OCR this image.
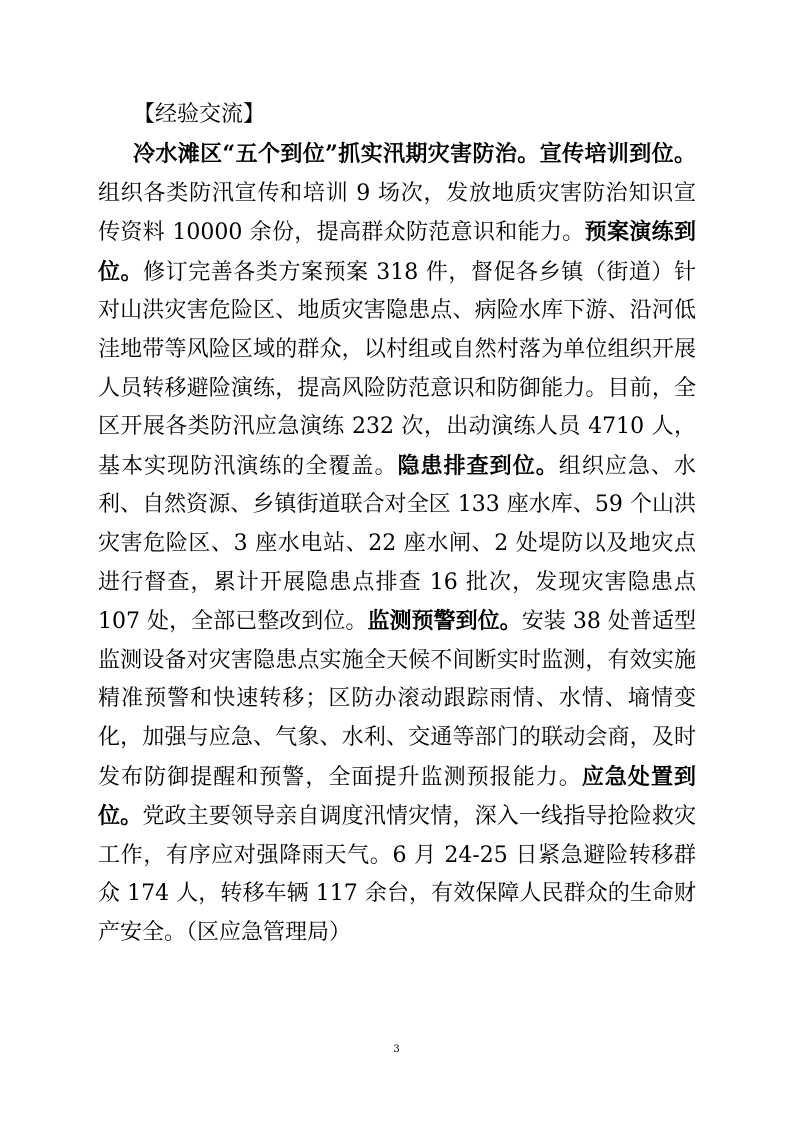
【经验交流】

冷水滩区“五个到位”抓实汛期灾害防治。宣传培训到位。组织各类防汛宣传和培训 9 场次，发放地质灾害防治知识宣传资料 10000 余份，提高群众防范意识和能力。预案演练到位。修订完善各类方案预案 318 件，督促各乡镇（街道）针对山洪灾害危险区、地质灾害隐患点、病险水库下游、沿河低洼地带等风险区域的群众，以村组或自然村落为单位组织开展人员转移避险演练，提高风险防范意识和防御能力。目前，全区开展各类防汛应急演练 232 次，出动演练人员 4710 人，基本实现防汛演练的全覆盖。隐患排查到位。组织应急、水利、自然资源、乡镇街道联合对全区 133 座水库、59 个山洪灾害危险区、3 座水电站、22 座水闸、2 处堤防以及地灾点进行督查，累计开展隐患点排查 16 批次，发现灾害隐患点 107 处，全部已整改到位。监测预警到位。安装 38 处普适型监测设备对灾害隐患点实施全天候不间断实时监测，有效实施精准预警和快速转移；区防办滚动跟踪雨情、水情、墒情变化，加强与应急、气象、水利、交通等部门的联动会商，及时发布防御提醒和预警，全面提升监测预报能力。应急处置到位。党政主要领导亲自调度汛情灾情，深入一线指导抢险救灾工作，有序应对强降雨天气。6 月 24-25 日紧急避险转移群众 174 人，转移车辆 117 余台，有效保障人民群众的生命财产安全。（区应急管理局）

3
